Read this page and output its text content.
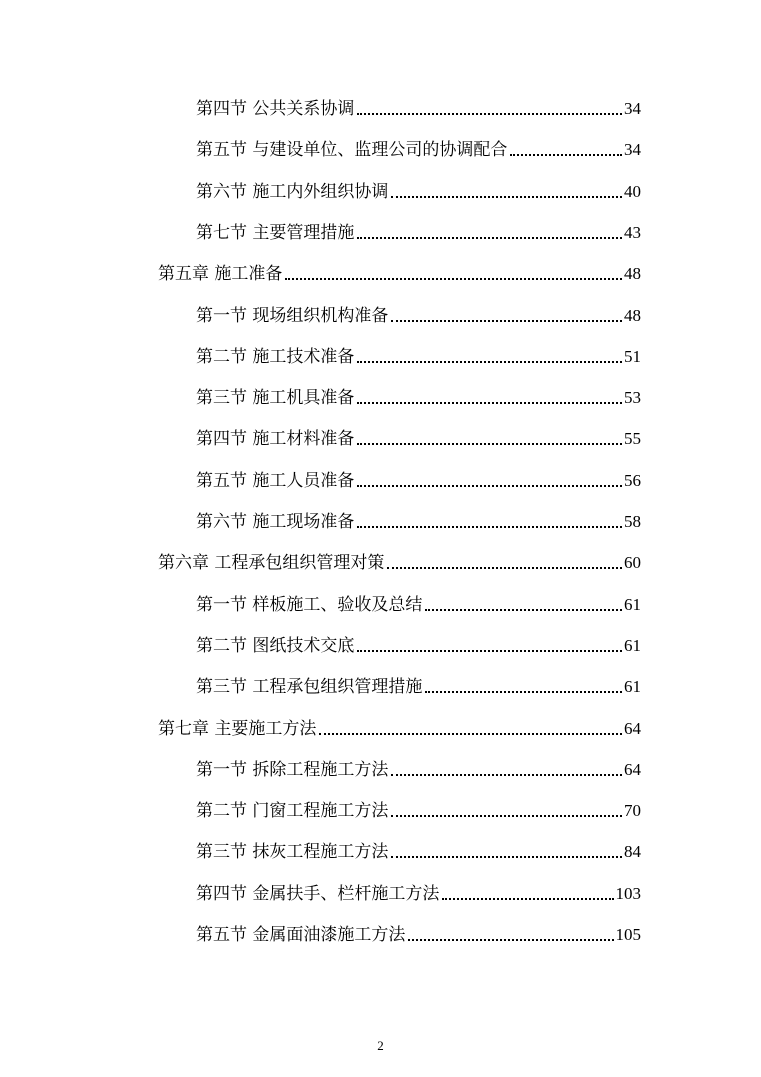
第四节 公共关系协调	34
第五节 与建设单位、监理公司的协调配合	34
第六节 施工内外组织协调	40
第七节 主要管理措施	43
第五章 施工准备	48
第一节 现场组织机构准备	48
第二节 施工技术准备	51
第三节 施工机具准备	53
第四节 施工材料准备	55
第五节 施工人员准备	56
第六节 施工现场准备	58
第六章 工程承包组织管理对策	60
第一节 样板施工、验收及总结	61
第二节 图纸技术交底	61
第三节 工程承包组织管理措施	61
第七章 主要施工方法	64
第一节 拆除工程施工方法	64
第二节 门窗工程施工方法	70
第三节 抹灰工程施工方法	84
第四节 金属扶手、栏杆施工方法	103
第五节 金属面油漆施工方法	105
2
